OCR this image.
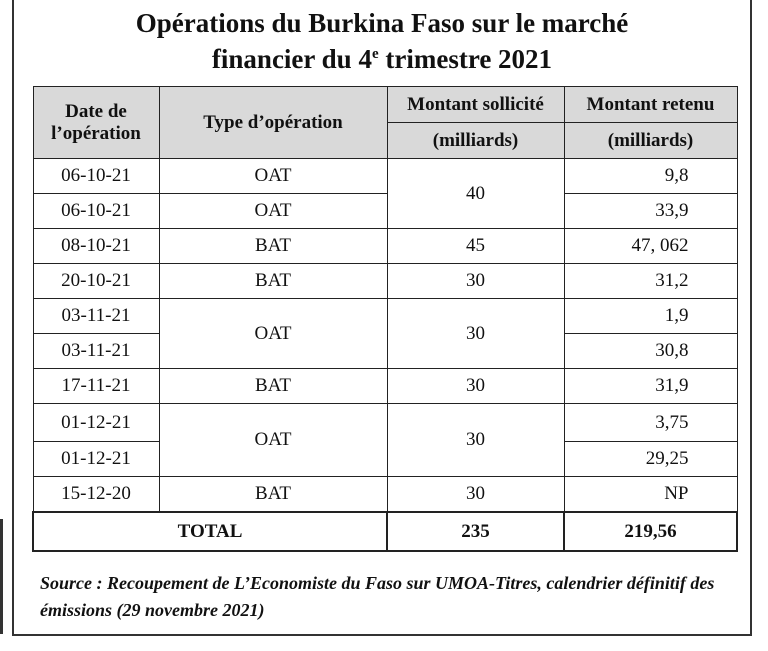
Opérations du Burkina Faso sur le marché
financier du 4e trimestre 2021
Date de
l’opération	Type d’opération	Montant sollicité	Montant retenu
		(milliards)	(milliards)
06-10-21	OAT	40	9,8
06-10-21	OAT		33,9
08-10-21	BAT	45	47, 062
20-10-21	BAT	30	31,2
03-11-21	OAT	30	1,9
03-11-21			30,8
17-11-21	BAT	30	31,9
01-12-21	OAT	30	3,75
01-12-21			29,25
15-12-20	BAT	30	NP
TOTAL		235	219,56
Source : Recoupement de L’Economiste du Faso sur UMOA-Titres, calendrier définitif des émissions (29 novembre 2021)
